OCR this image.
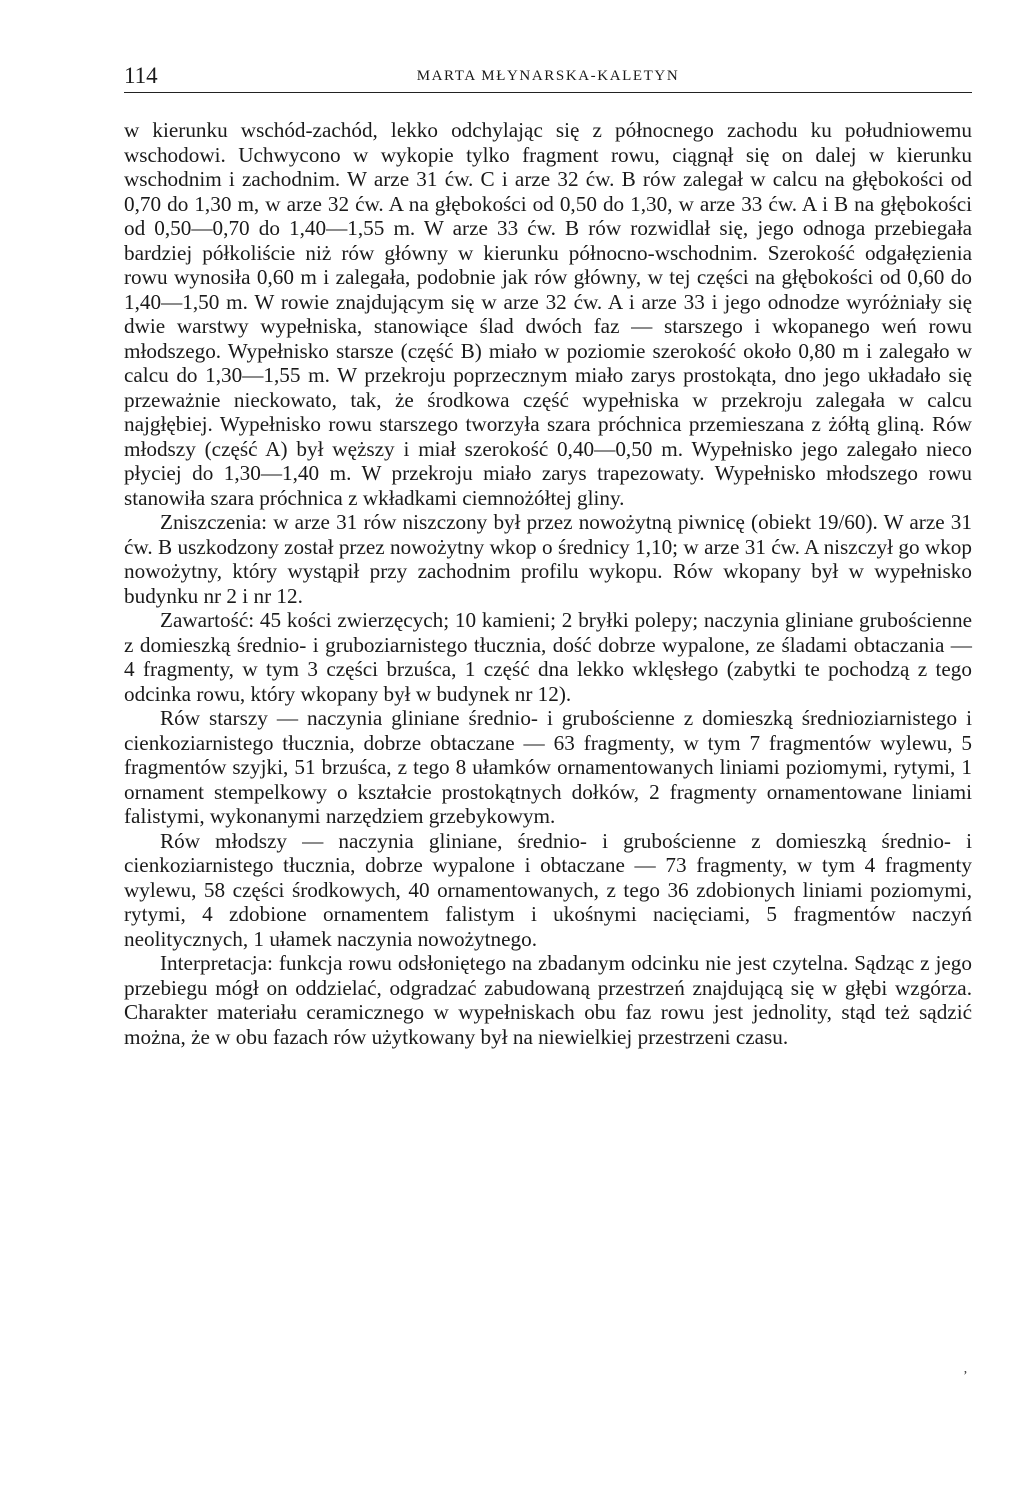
114	MARTA MŁYNARSKA-KALETYN

w kierunku wschód-zachód, lekko odchylając się z północnego zachodu ku południowemu wschodowi. Uchwycono w wykopie tylko fragment rowu, ciągnął się on dalej w kierunku wschodnim i zachodnim. W arze 31 ćw. C i arze 32 ćw. B rów zalegał w calcu na głębokości od 0,70 do 1,30 m, w arze 32 ćw. A na głębokości od 0,50 do 1,30, w arze 33 ćw. A i B na głębokości od 0,50—0,70 do 1,40—1,55 m. W arze 33 ćw. B rów rozwidlał się, jego odnoga przebiegała bardziej półkoliście niż rów główny w kierunku północno-wschodnim. Szerokość odgałęzienia rowu wynosiła 0,60 m i zalegała, podobnie jak rów główny, w tej części na głębokości od 0,60 do 1,40—1,50 m. W rowie znajdującym się w arze 32 ćw. A i arze 33 i jego odnodze wyróżniały się dwie warstwy wypełniska, stanowiące ślad dwóch faz — starszego i wkopanego weń rowu młodszego. Wypełnisko starsze (część B) miało w poziomie szerokość około 0,80 m i zalegało w calcu do 1,30—1,55 m. W przekroju poprzecznym miało zarys prostokąta, dno jego układało się przeważnie nieckowato, tak, że środkowa część wypełniska w przekroju zalegała w calcu najgłębiej. Wypełnisko rowu starszego tworzyła szara próchnica przemieszana z żółtą gliną. Rów młodszy (część A) był węższy i miał szerokość 0,40—0,50 m. Wypełnisko jego zalegało nieco płyciej do 1,30—1,40 m. W przekroju miało zarys trapezowaty. Wypełnisko młodszego rowu stanowiła szara próchnica z wkładkami ciemnożółtej gliny.

Zniszczenia: w arze 31 rów niszczony był przez nowożytną piwnicę (obiekt 19/60). W arze 31 ćw. B uszkodzony został przez nowożytny wkop o średnicy 1,10; w arze 31 ćw. A niszczył go wkop nowożytny, który wystąpił przy zachodnim profilu wykopu. Rów wkopany był w wypełnisko budynku nr 2 i nr 12.

Zawartość: 45 kości zwierzęcych; 10 kamieni; 2 bryłki polepy; naczynia gliniane grubościenne z domieszką średnio- i gruboziarnistego tłucznia, dość dobrze wypalone, ze śladami obtaczania — 4 fragmenty, w tym 3 części brzuśca, 1 część dna lekko wklęsłego (zabytki te pochodzą z tego odcinka rowu, który wkopany był w budynek nr 12).

Rów starszy — naczynia gliniane średnio- i grubościenne z domieszką średnioziarnistego i cienkoziarnistego tłucznia, dobrze obtaczane — 63 fragmenty, w tym 7 fragmentów wylewu, 5 fragmentów szyjki, 51 brzuśca, z tego 8 ułamków ornamentowanych liniami poziomymi, rytymi, 1 ornament stempelkowy o kształcie prostokątnych dołków, 2 fragmenty ornamentowane liniami falistymi, wykonanymi narzędziem grzebykowym.

Rów młodszy — naczynia gliniane, średnio- i grubościenne z domieszką średnio- i cienkoziarnistego tłucznia, dobrze wypalone i obtaczane — 73 fragmenty, w tym 4 fragmenty wylewu, 58 części środkowych, 40 ornamentowanych, z tego 36 zdobionych liniami poziomymi, rytymi, 4 zdobione ornamentem falistym i ukośnymi nacięciami, 5 fragmentów naczyń neolitycznych, 1 ułamek naczynia nowożytnego.

Interpretacja: funkcja rowu odsłoniętego na zbadanym odcinku nie jest czytelna. Sądząc z jego przebiegu mógł on oddzielać, odgradzać zabudowaną przestrzeń znajdującą się w głębi wzgórza. Charakter materiału ceramicznego w wypełniskach obu faz rowu jest jednolity, stąd też sądzić można, że w obu fazach rów użytkowany był na niewielkiej przestrzeni czasu.

’
